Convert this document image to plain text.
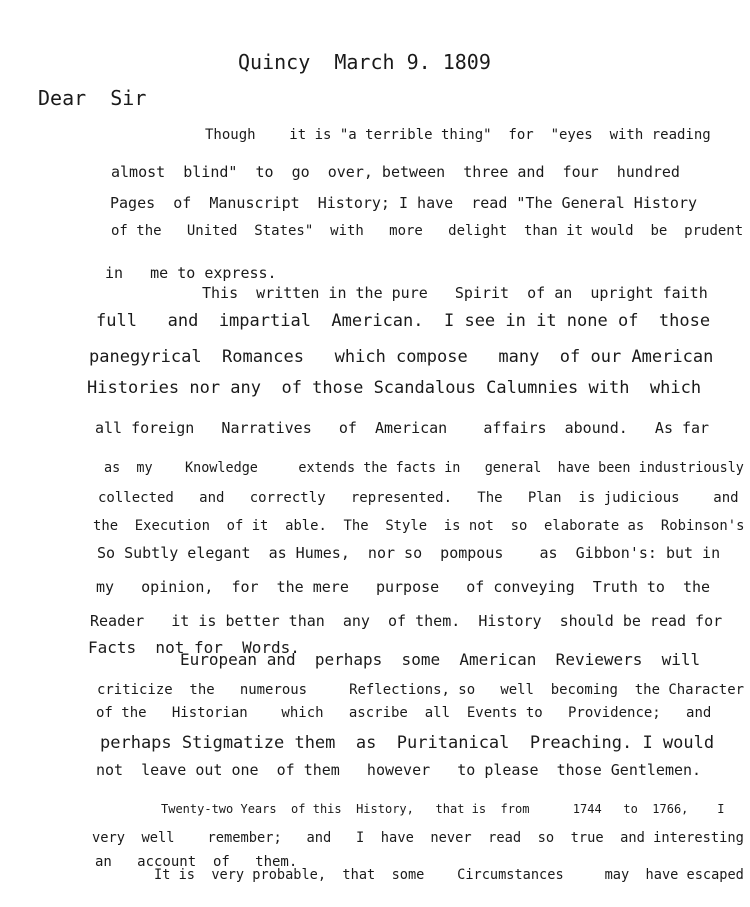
Quincy  March 9. 1809
Dear  Sir
Though    it is "a terrible thing"  for  "eyes  with reading
almost  blind"  to  go  over, between  three and  four  hundred
Pages  of  Manuscript  History; I have  read "The General History
of the   United  States"  with   more   delight  than it would  be  prudent
in   me to express.
This  written in the pure   Spirit  of an  upright faith
full   and  impartial  American.  I see in it none of  those
panegyrical  Romances   which compose   many  of our American
Histories nor any  of those Scandalous Calumnies with  which
all foreign   Narratives   of  American    affairs  abound.   As far
as  my    Knowledge     extends the facts in   general  have been industriously
collected   and   correctly   represented.   The   Plan  is judicious    and
the  Execution  of it  able.  The  Style  is not  so  elaborate as  Robinson's
So Subtly elegant  as Humes,  nor so  pompous    as  Gibbon's: but in
my   opinion,  for  the mere   purpose   of conveying  Truth to  the
Reader   it is better than  any  of them.  History  should be read for
Facts  not for  Words.
European and  perhaps  some  American  Reviewers  will
criticize  the   numerous     Reflections, so   well  becoming  the Character
of the   Historian    which   ascribe  all  Events to   Providence;   and
perhaps Stigmatize them  as  Puritanical  Preaching. I would
not  leave out one  of them   however   to please  those Gentlemen.
Twenty-two Years  of this  History,   that is  from      1744   to  1766,    I
very  well    remember;   and   I  have  never  read  so  true  and interesting
an   account  of   them.
It is  very probable,  that  some    Circumstances     may  have escaped
